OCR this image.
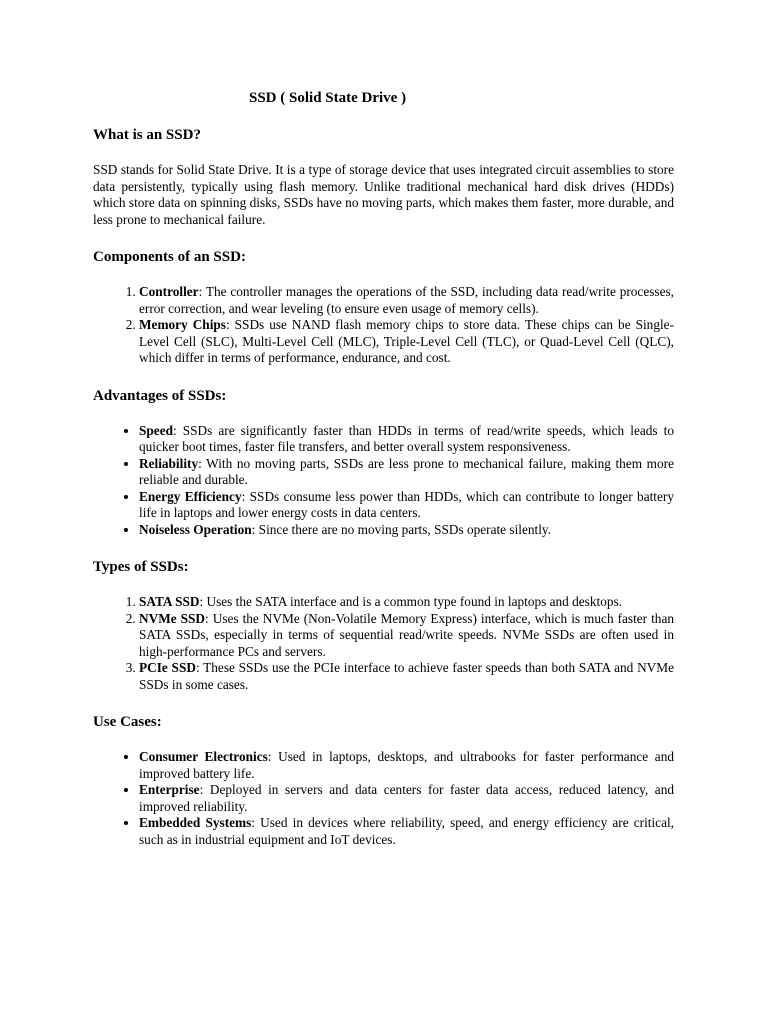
SSD ( Solid State Drive )
What is an SSD?

SSD stands for Solid State Drive. It is a type of storage device that uses integrated circuit assemblies to store data persistently, typically using flash memory. Unlike traditional mechanical hard disk drives (HDDs) which store data on spinning disks, SSDs have no moving parts, which makes them faster, more durable, and less prone to mechanical failure.

Components of an SSD:
1. Controller: The controller manages the operations of the SSD, including data read/write processes, error correction, and wear leveling (to ensure even usage of memory cells).
2. Memory Chips: SSDs use NAND flash memory chips to store data. These chips can be Single-Level Cell (SLC), Multi-Level Cell (MLC), Triple-Level Cell (TLC), or Quad-Level Cell (QLC), which differ in terms of performance, endurance, and cost.
Advantages of SSDs:
• Speed: SSDs are significantly faster than HDDs in terms of read/write speeds, which leads to quicker boot times, faster file transfers, and better overall system responsiveness.
• Reliability: With no moving parts, SSDs are less prone to mechanical failure, making them more reliable and durable.
• Energy Efficiency: SSDs consume less power than HDDs, which can contribute to longer battery life in laptops and lower energy costs in data centers.
• Noiseless Operation: Since there are no moving parts, SSDs operate silently.
Types of SSDs:
1. SATA SSD: Uses the SATA interface and is a common type found in laptops and desktops.
2. NVMe SSD: Uses the NVMe (Non-Volatile Memory Express) interface, which is much faster than SATA SSDs, especially in terms of sequential read/write speeds. NVMe SSDs are often used in high-performance PCs and servers.
3. PCIe SSD: These SSDs use the PCIe interface to achieve faster speeds than both SATA and NVMe SSDs in some cases.
Use Cases:
• Consumer Electronics: Used in laptops, desktops, and ultrabooks for faster performance and improved battery life.
• Enterprise: Deployed in servers and data centers for faster data access, reduced latency, and improved reliability.
• Embedded Systems: Used in devices where reliability, speed, and energy efficiency are critical, such as in industrial equipment and IoT devices.
